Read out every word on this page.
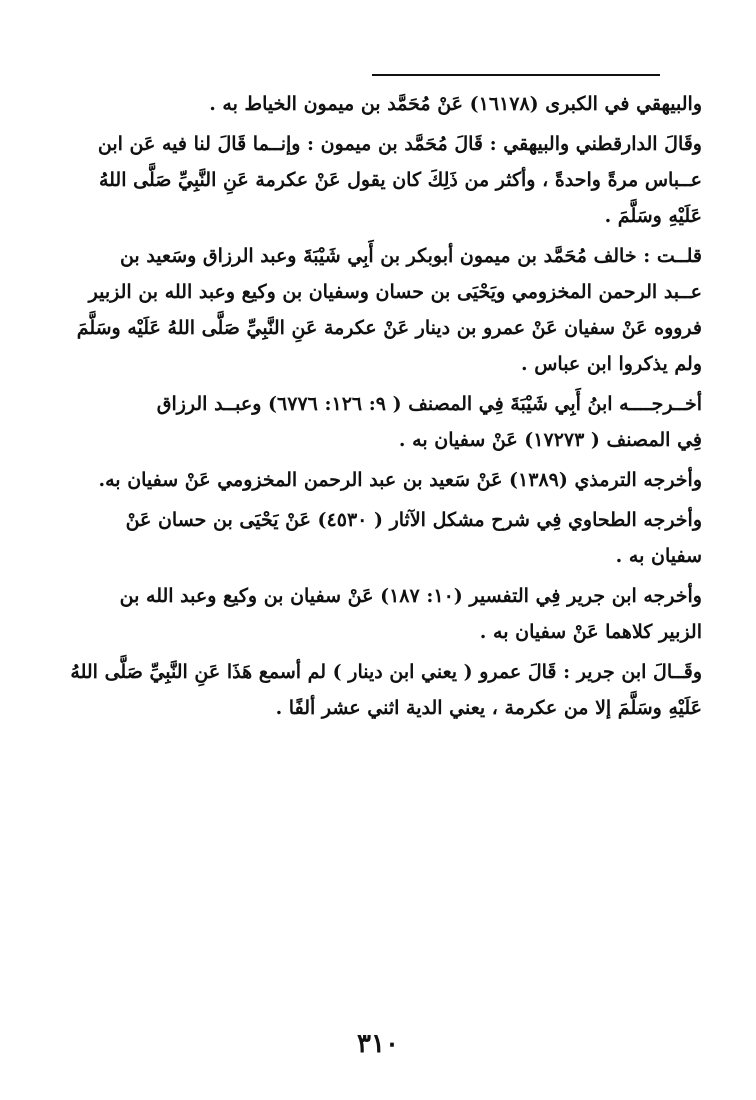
والبيهقي في الكبرى (١٦١٧٨) عَنْ مُحَمَّد بن ميمون الخياط به .
وقَالَ الدارقطني والبيهقي : قَالَ مُحَمَّد بن ميمون : وإنــما قَالَ لنا فيه عَن ابن
عــباس مرةً واحدةً ، وأكثر من ذَلِكَ كان يقول عَنْ عكرمة عَنِ النَّبِيِّ صَلَّى اللهُ
عَلَيْهِ وسَلَّمَ .
قلــت : خالف مُحَمَّد بن ميمون أبوبكر بن أَبِي شَيْبَةَ وعبد الرزاق وسَعيد بن
عــبد الرحمن المخزومي ويَحْيَى بن حسان وسفيان بن وكيع وعبد الله بن الزبير
فرووه عَنْ سفيان عَنْ عمرو بن دينار عَنْ عكرمة عَنِ النَّبِيِّ صَلَّى اللهُ عَلَيْه وسَلَّمَ
ولم يذكروا ابن عباس .
أخــرجــــه ابنُ أَبِي شَيْبَةَ فِي المصنف ( ٩: ١٢٦: ٦٧٧٦) وعبــد الرزاق
فِي المصنف ( ١٧٢٧٣) عَنْ سفيان به .
وأخرجه الترمذي (١٣٨٩) عَنْ سَعيد بن عبد الرحمن المخزومي عَنْ سفيان به.
وأخرجه الطحاوي فِي شرح مشكل الآثار ( ٤٥٣٠) عَنْ يَحْيَى بن حسان عَنْ
سفيان به .
وأخرجه ابن جرير فِي التفسير (١٠: ١٨٧) عَنْ سفيان بن وكيع وعبد الله بن
الزبير كلاهما عَنْ سفيان به .
وقَــالَ ابن جرير : قَالَ عمرو ( يعني ابن دينار ) لم أسمع هَذَا عَنِ النَّبِيِّ صَلَّى اللهُ
عَلَيْهِ وسَلَّمَ إلا من عكرمة ، يعني الدية اثني عشر ألفًا .
٣١٠
